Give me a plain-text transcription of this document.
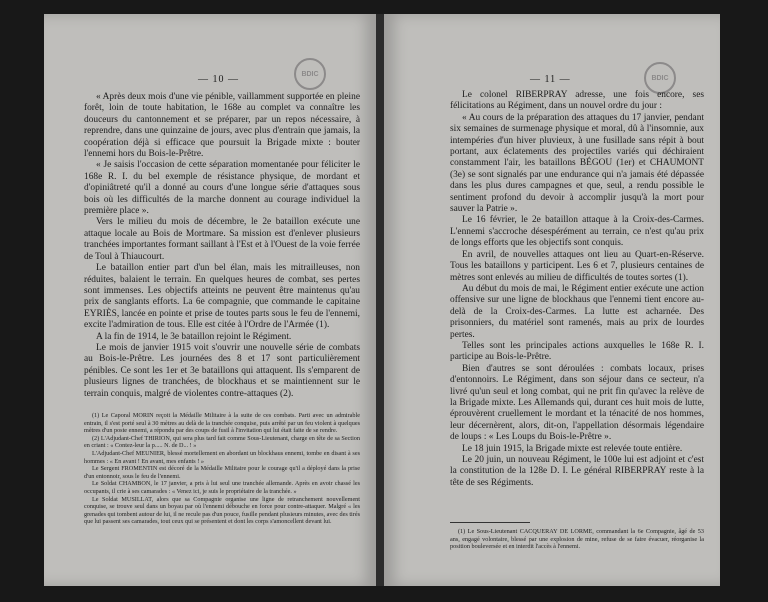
BDIC
— 10 —

« Après deux mois d'une vie pénible, vaillamment supportée en pleine forêt, loin de toute habitation, le 168e au complet va connaître les douceurs du cantonnement et se préparer, par un repos nécessaire, à reprendre, dans une quinzaine de jours, avec plus d'entrain que jamais, la coopération déjà si efficace que poursuit la Brigade mixte : bouter l'ennemi hors du Bois-le-Prêtre.

« Je saisis l'occasion de cette séparation momentanée pour féliciter le 168e R. I. du bel exemple de résistance physique, de mordant et d'opiniâtreté qu'il a donné au cours d'une longue série d'attaques sous bois où les difficultés de la marche donnent au courage individuel la première place ».

Vers le milieu du mois de décembre, le 2e bataillon exécute une attaque locale au Bois de Mortmare. Sa mission est d'enlever plusieurs tranchées importantes formant saillant à l'Est et à l'Ouest de la voie ferrée de Toul à Thiaucourt.

Le bataillon entier part d'un bel élan, mais les mitrailleuses, non réduites, balaient le terrain. En quelques heures de combat, ses pertes sont immenses. Les objectifs atteints ne peuvent être maintenus qu'au prix de sanglants efforts. La 6e compagnie, que commande le capitaine EYRIÈS, lancée en pointe et prise de toutes parts sous le feu de l'ennemi, excite l'admiration de tous. Elle est citée à l'Ordre de l'Armée (1).

A la fin de 1914, le 3e bataillon rejoint le Régiment.

Le mois de janvier 1915 voit s'ouvrir une nouvelle série de combats au Bois-le-Prêtre. Les journées des 8 et 17 sont particulièrement pénibles. Ce sont les 1er et 3e bataillons qui attaquent. Ils s'emparent de plusieurs lignes de tranchées, de blockhaus et se maintiennent sur le terrain conquis, malgré de violentes contre-attaques (2).

(1) Le Caporal MORIN reçoit la Médaille Militaire à la suite de ces combats. Parti avec un admirable entrain, il s'est porté seul à 30 mètres au delà de la tranchée conquise, puis arrêté par un feu violent à quelques mètres d'un poste ennemi, a répondu par des coups de fusil à l'invitation qui lui était faite de se rendre.

(2) L'Adjudant-Chef THIRION, qui sera plus tard fait comme Sous-Lieutenant, charge en tête de sa Section en criant : « Contez-leur la p..... N. de D... ! »

L'Adjudant-Chef MEUNIER, blessé mortellement en abordant un blockhaus ennemi, tombe en disant à ses hommes : « En avant ! En avant, mes enfants ! »

Le Sergent FROMENTIN est décoré de la Médaille Militaire pour le courage qu'il a déployé dans la prise d'un entonnoir, sous le feu de l'ennemi.

Le Soldat CHAMBON, le 17 janvier, a pris à lui seul une tranchée allemande. Après en avoir chassé les occupants, il crie à ses camarades : « Venez ici, je suis le propriétaire de la tranchée. »

Le Soldat MUSILLAT, alors que sa Compagnie organise une ligne de retranchement nouvellement conquise, se trouve seul dans un boyau par où l'ennemi débouche en force pour contre-attaquer. Malgré « les grenades qui tombent autour de lui, il ne recule pas d'un pouce, fusille pendant plusieurs minutes, avec des tirés que lui passent ses camarades, tout ceux qui se présentent et dont les corps s'amoncellent devant lui.

BDIC
— 11 —

Le colonel RIBERPRAY adresse, une fois encore, ses félicitations au Régiment, dans un nouvel ordre du jour :

« Au cours de la préparation des attaques du 17 janvier, pendant six semaines de surmenage physique et moral, dû à l'insomnie, aux intempéries d'un hiver pluvieux, à une fusillade sans répit à bout portant, aux éclatements des projectiles variés qui déchiraient constamment l'air, les bataillons BÉGOU (1er) et CHAUMONT (3e) se sont signalés par une endurance qui n'a jamais été dépassée dans les plus dures campagnes et que, seul, a rendu possible le sentiment profond du devoir à accomplir jusqu'à la mort pour sauver la Patrie ».

Le 16 février, le 2e bataillon attaque à la Croix-des-Carmes. L'ennemi s'accroche désespérément au terrain, ce n'est qu'au prix de longs efforts que les objectifs sont conquis.

En avril, de nouvelles attaques ont lieu au Quart-en-Réserve. Tous les bataillons y participent. Les 6 et 7, plusieurs centaines de mètres sont enlevés au milieu de difficultés de toutes sortes (1).

Au début du mois de mai, le Régiment entier exécute une action offensive sur une ligne de blockhaus que l'ennemi tient encore au-delà de la Croix-des-Carmes. La lutte est acharnée. Des prisonniers, du matériel sont ramenés, mais au prix de lourdes pertes.

Telles sont les principales actions auxquelles le 168e R. I. participe au Bois-le-Prêtre.

Bien d'autres se sont déroulées : combats locaux, prises d'entonnoirs. Le Régiment, dans son séjour dans ce secteur, n'a livré qu'un seul et long combat, qui ne prit fin qu'avec la relève de la Brigade mixte. Les Allemands qui, durant ces huit mois de lutte, éprouvèrent cruellement le mordant et la ténacité de nos hommes, leur décernèrent, alors, dit-on, l'appellation désormais légendaire de loups : « Les Loups du Bois-le-Prêtre ».

Le 18 juin 1915, la Brigade mixte est relevée toute entière.

Le 20 juin, un nouveau Régiment, le 100e lui est adjoint et c'est la constitution de la 128e D. I. Le général RIBERPRAY reste à la tête de ses Régiments.

(1) Le Sous-Lieutenant CACQUERAY DE LORME, commandant la 6e Compagnie, âgé de 53 ans, engagé volontaire, blessé par une explosion de mine, refuse de se faire évacuer, réorganise la position bouleversée et en interdit l'accès à l'ennemi.
